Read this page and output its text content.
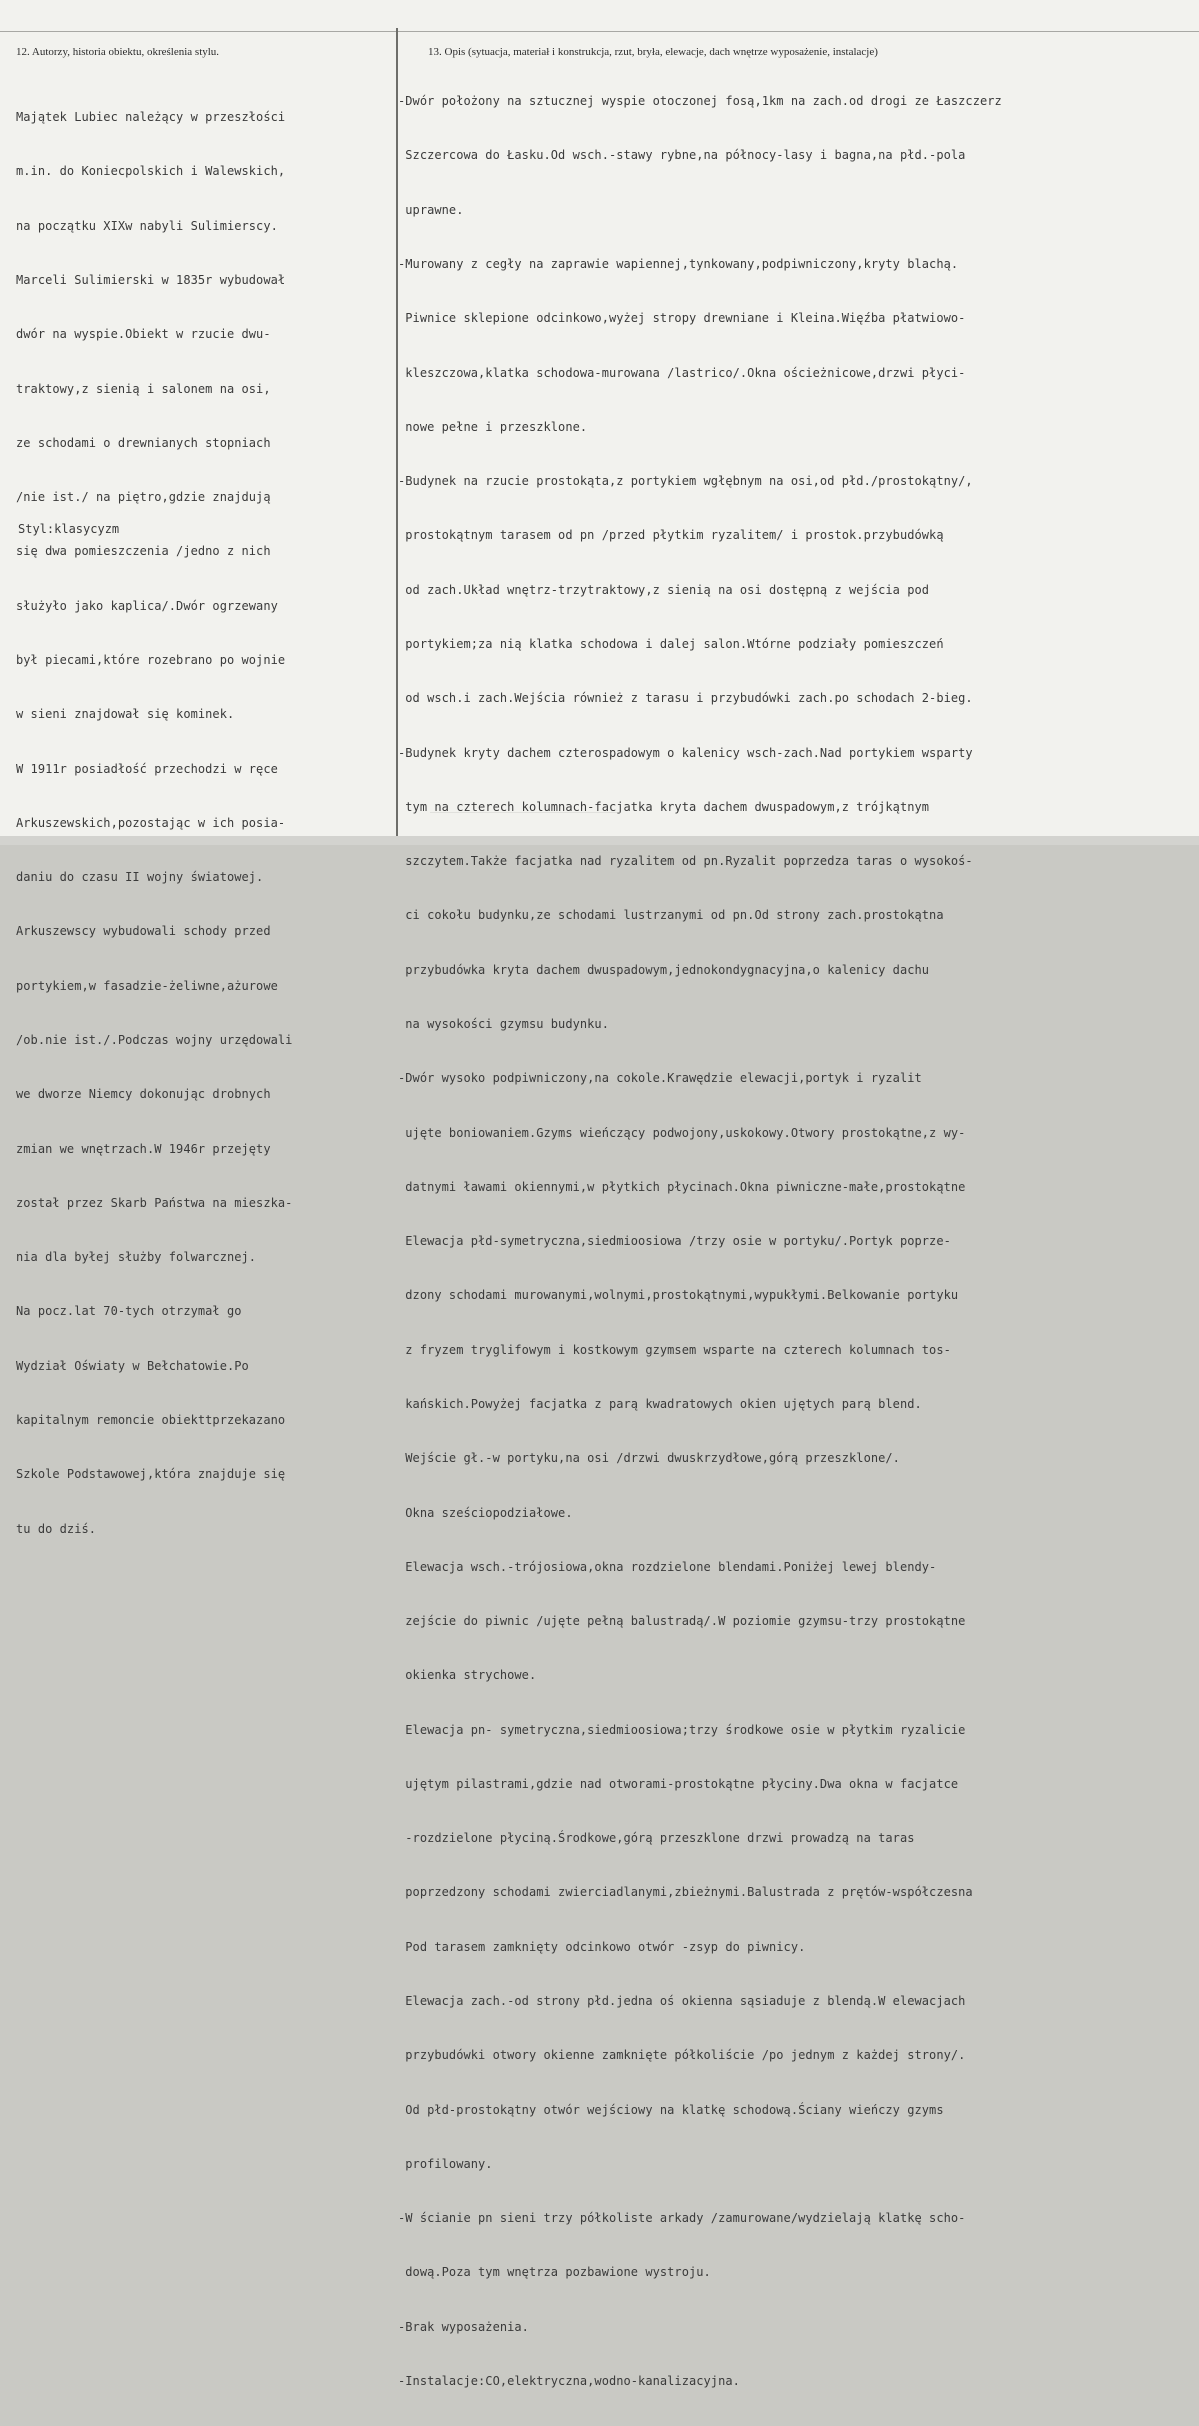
12. Autorzy, historia obiektu, określenia stylu.	13. Opis (sytuacja, materiał i konstrukcja, rzut, bryła, elewacje, dach wnętrze wyposażenie, instalacje)

Majątek Lubiec należący w przeszłości

m.in. do Koniecpolskich i Walewskich,

na początku XIXw nabyli Sulimierscy.

Marceli Sulimierski w 1835r wybudował

dwór na wyspie.Obiekt w rzucie dwu-

traktowy,z sienią i salonem na osi,

ze schodami o drewnianych stopniach

/nie ist./ na piętro,gdzie znajdują

się dwa pomieszczenia /jedno z nich

służyło jako kaplica/.Dwór ogrzewany

był piecami,które rozebrano po wojnie

w sieni znajdował się kominek.

W 1911r posiadłość przechodzi w ręce

Arkuszewskich,pozostając w ich posia-

daniu do czasu II wojny światowej.

Arkuszewscy wybudowali schody przed

portykiem,w fasadzie-żeliwne,ażurowe

/ob.nie ist./.Podczas wojny urzędowali

we dworze Niemcy dokonując drobnych

zmian we wnętrzach.W 1946r przejęty

został przez Skarb Państwa na mieszka-

nia dla byłej służby folwarcznej.

Na pocz.lat 70-tych otrzymał go

Wydział Oświaty w Bełchatowie.Po

kapitalnym remoncie obiekttprzekazano

Szkole Podstawowej,która znajduje się

tu do dziś.

Styl:klasycyzm

-Dwór położony na sztucznej wyspie otoczonej fosą,1km na zach.od drogi ze Łaszczerz

Szczercowa do Łasku.Od wsch.-stawy rybne,na północy-lasy i bagna,na płd.-pola

uprawne.

-Murowany z cegły na zaprawie wapiennej,tynkowany,podpiwniczony,kryty blachą.

Piwnice sklepione odcinkowo,wyżej stropy drewniane i Kleina.Więźba płatwiowo-

kleszczowa,klatka schodowa-murowana /lastrico/.Okna ościeżnicowe,drzwi płyci-

nowe pełne i przeszklone.

-Budynek na rzucie prostokąta,z portykiem wgłębnym na osi,od płd./prostokątny/,

prostokątnym tarasem od pn /przed płytkim ryzalitem/ i prostok.przybudówką

od zach.Układ wnętrz-trzytraktowy,z sienią na osi dostępną z wejścia pod

portykiem;za nią klatka schodowa i dalej salon.Wtórne podziały pomieszczeń

od wsch.i zach.Wejścia również z tarasu i przybudówki zach.po schodach 2-bieg.

-Budynek kryty dachem czterospadowym o kalenicy wsch-zach.Nad portykiem wsparty

tym na czterech kolumnach-facjatka kryta dachem dwuspadowym,z trójkątnym

szczytem.Także facjatka nad ryzalitem od pn.Ryzalit poprzedza taras o wysokoś-

ci cokołu budynku,ze schodami lustrzanymi od pn.Od strony zach.prostokątna

przybudówka kryta dachem dwuspadowym,jednokondygnacyjna,o kalenicy dachu

na wysokości gzymsu budynku.

-Dwór wysoko podpiwniczony,na cokole.Krawędzie elewacji,portyk i ryzalit

ujęte boniowaniem.Gzyms wieńczący podwojony,uskokowy.Otwory prostokątne,z wy-

datnymi ławami okiennymi,w płytkich płycinach.Okna piwniczne-małe,prostokątne

Elewacja płd-symetryczna,siedmioosiowa /trzy osie w portyku/.Portyk poprze-

dzony schodami murowanymi,wolnymi,prostokątnymi,wypukłymi.Belkowanie portyku

z fryzem tryglifowym i kostkowym gzymsem wsparte na czterech kolumnach tos-

kańskich.Powyżej facjatka z parą kwadratowych okien ujętych parą blend.

Wejście gł.-w portyku,na osi /drzwi dwuskrzydłowe,górą przeszklone/.

Okna sześciopodziałowe.

Elewacja wsch.-trójosiowa,okna rozdzielone blendami.Poniżej lewej blendy-

zejście do piwnic /ujęte pełną balustradą/.W poziomie gzymsu-trzy prostokątne

okienka strychowe.

Elewacja pn- symetryczna,siedmioosiowa;trzy środkowe osie w płytkim ryzalicie

ujętym pilastrami,gdzie nad otworami-prostokątne płyciny.Dwa okna w facjatce

-rozdzielone płyciną.Środkowe,górą przeszklone drzwi prowadzą na taras

poprzedzony schodami zwierciadlanymi,zbieżnymi.Balustrada z prętów-współczesna

Pod tarasem zamknięty odcinkowo otwór -zsyp do piwnicy.

Elewacja zach.-od strony płd.jedna oś okienna sąsiaduje z blendą.W elewacjach

przybudówki otwory okienne zamknięte półkoliście /po jednym z każdej strony/.

Od płd-prostokątny otwór wejściowy na klatkę schodową.Ściany wieńczy gzyms

profilowany.

-W ścianie pn sieni trzy półkoliste arkady /zamurowane/wydzielają klatkę scho-

dową.Poza tym wnętrza pozbawione wystroju.

-Brak wyposażenia.

-Instalacje:CO,elektryczna,wodno-kanalizacyjna.
